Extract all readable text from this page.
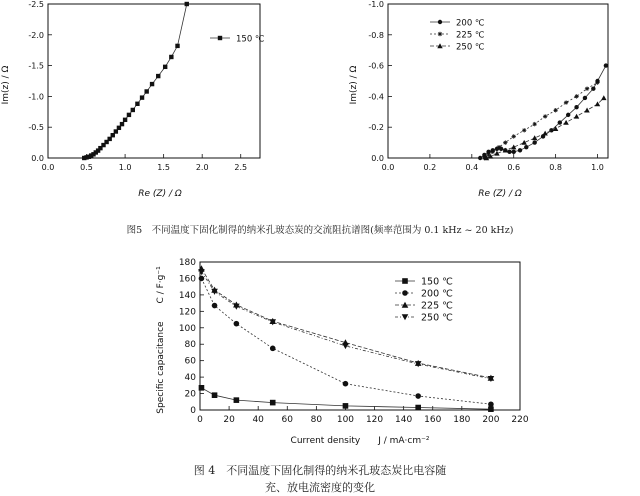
Im(z) / Ω
Re (Z) / Ω
0.0	0.5	1.0	1.5	2.0	2.5
0.0
-0.5
-1.0
-1.5
-2.0
-2.5
150 ℃
Im(z) / Ω
Re (Z) / Ω
0.0	0.2	0.4	0.6	0.8	1.0
0.0
-0.2
-0.4
-0.6
-0.8
-1.0
200 ℃
225 ℃
250 ℃
图5　不同温度下固化制得的纳米孔玻态炭的交流阻抗谱图(频率范围为 0.1 kHz ~ 20 kHz)
Specific capacitance　　C / F·g⁻¹
Current density　　J / mA·cm⁻²
0 20 40 60 80 100 120 140 160 180 200 220
0
20
40
60
80
100
120
140
160
180
150 ℃
200 ℃
225 ℃
250 ℃
图 4　不同温度下固化制得的纳米孔玻态炭比电容随
充、放电流密度的变化
